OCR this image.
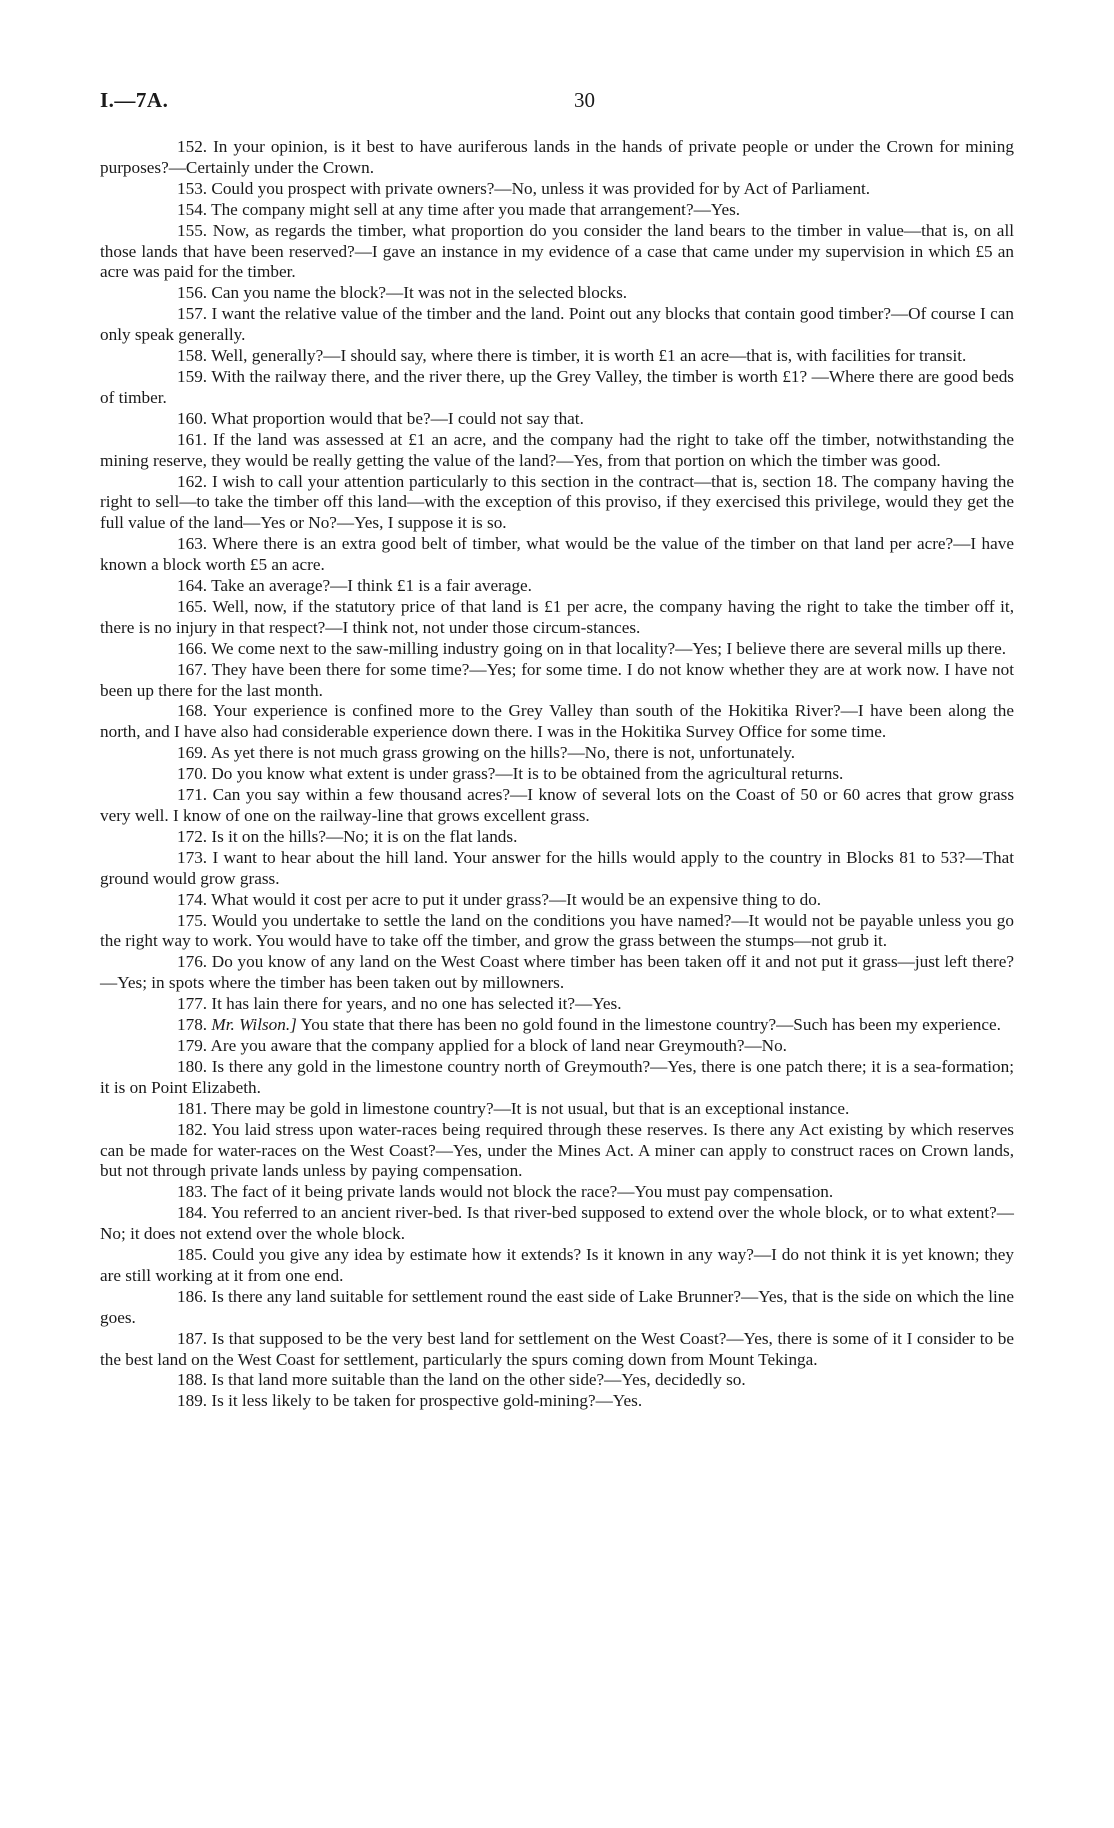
I.—7A.	30

152. In your opinion, is it best to have auriferous lands in the hands of private people or under the Crown for mining purposes?—Certainly under the Crown.

153. Could you prospect with private owners?—No, unless it was provided for by Act of Parliament.

154. The company might sell at any time after you made that arrangement?—Yes.

155. Now, as regards the timber, what proportion do you consider the land bears to the timber in value—that is, on all those lands that have been reserved?—I gave an instance in my evidence of a case that came under my supervision in which £5 an acre was paid for the timber.

156. Can you name the block?—It was not in the selected blocks.

157. I want the relative value of the timber and the land. Point out any blocks that contain good timber?—Of course I can only speak generally.

158. Well, generally?—I should say, where there is timber, it is worth £1 an acre—that is, with facilities for transit.

159. With the railway there, and the river there, up the Grey Valley, the timber is worth £1? —Where there are good beds of timber.

160. What proportion would that be?—I could not say that.

161. If the land was assessed at £1 an acre, and the company had the right to take off the timber, notwithstanding the mining reserve, they would be really getting the value of the land?—Yes, from that portion on which the timber was good.

162. I wish to call your attention particularly to this section in the contract—that is, section 18. The company having the right to sell—to take the timber off this land—with the exception of this proviso, if they exercised this privilege, would they get the full value of the land—Yes or No?—Yes, I suppose it is so.

163. Where there is an extra good belt of timber, what would be the value of the timber on that land per acre?—I have known a block worth £5 an acre.

164. Take an average?—I think £1 is a fair average.

165. Well, now, if the statutory price of that land is £1 per acre, the company having the right to take the timber off it, there is no injury in that respect?—I think not, not under those circum-stances.

166. We come next to the saw-milling industry going on in that locality?—Yes; I believe there are several mills up there.

167. They have been there for some time?—Yes; for some time. I do not know whether they are at work now. I have not been up there for the last month.

168. Your experience is confined more to the Grey Valley than south of the Hokitika River?—I have been along the north, and I have also had considerable experience down there. I was in the Hokitika Survey Office for some time.

169. As yet there is not much grass growing on the hills?—No, there is not, unfortunately.

170. Do you know what extent is under grass?—It is to be obtained from the agricultural returns.

171. Can you say within a few thousand acres?—I know of several lots on the Coast of 50 or 60 acres that grow grass very well. I know of one on the railway-line that grows excellent grass.

172. Is it on the hills?—No; it is on the flat lands.

173. I want to hear about the hill land. Your answer for the hills would apply to the country in Blocks 81 to 53?—That ground would grow grass.

174. What would it cost per acre to put it under grass?—It would be an expensive thing to do.

175. Would you undertake to settle the land on the conditions you have named?—It would not be payable unless you go the right way to work. You would have to take off the timber, and grow the grass between the stumps—not grub it.

176. Do you know of any land on the West Coast where timber has been taken off it and not put it grass—just left there?—Yes; in spots where the timber has been taken out by millowners.

177. It has lain there for years, and no one has selected it?—Yes.

178. Mr. Wilson.] You state that there has been no gold found in the limestone country?—Such has been my experience.

179. Are you aware that the company applied for a block of land near Greymouth?—No.

180. Is there any gold in the limestone country north of Greymouth?—Yes, there is one patch there; it is a sea-formation; it is on Point Elizabeth.

181. There may be gold in limestone country?—It is not usual, but that is an exceptional instance.

182. You laid stress upon water-races being required through these reserves. Is there any Act existing by which reserves can be made for water-races on the West Coast?—Yes, under the Mines Act. A miner can apply to construct races on Crown lands, but not through private lands unless by paying compensation.

183. The fact of it being private lands would not block the race?—You must pay compensation.

184. You referred to an ancient river-bed. Is that river-bed supposed to extend over the whole block, or to what extent?—No; it does not extend over the whole block.

185. Could you give any idea by estimate how it extends? Is it known in any way?—I do not think it is yet known; they are still working at it from one end.

186. Is there any land suitable for settlement round the east side of Lake Brunner?—Yes, that is the side on which the line goes.

187. Is that supposed to be the very best land for settlement on the West Coast?—Yes, there is some of it I consider to be the best land on the West Coast for settlement, particularly the spurs coming down from Mount Tekinga.

188. Is that land more suitable than the land on the other side?—Yes, decidedly so.

189. Is it less likely to be taken for prospective gold-mining?—Yes.
